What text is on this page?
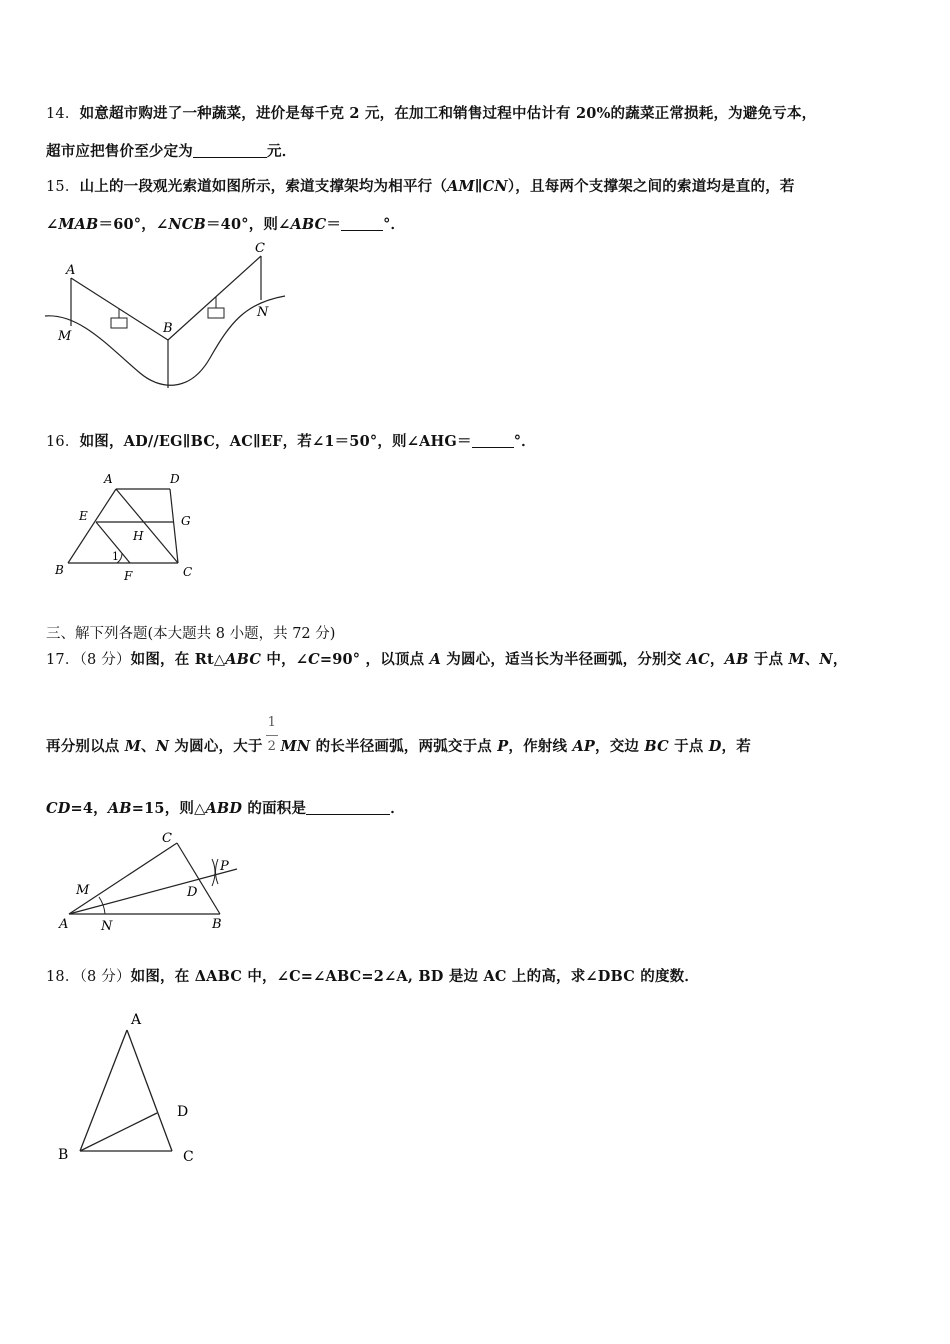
14．如意超市购进了一种蔬菜，进价是每千克 2 元，在加工和销售过程中估计有 20%的蔬菜正常损耗，为避免亏本，
超市应把售价至少定为	元．
15．山上的一段观光索道如图所示，索道支撑架均为相平行（AM∥CN），且每两个支撑架之间的索道均是直的，若
∠MAB＝60°，∠NCB＝40°，则∠ABC＝	°．
A
M
B
C
N
16．如图，AD//EG∥BC，AC∥EF，若∠1＝50°，则∠AHG＝	°．
A	D
E	G
H
1
B	F	C
三、解下列各题(本大题共 8 小题，共 72 分)
17．（8 分）如图，在 Rt△ABC 中，∠C=90° ，以顶点 A 为圆心，适当长为半径画弧，分别交 AC，AB 于点 M、N，
再分别以点 M、N 为圆心，大于 $\frac{1}{2}$ MN 的长半径画弧，两弧交于点 P，作射线 AP，交边 BC 于点 D，若
CD=4，AB=15，则△ABD 的面积是	．
C
M
P
D
A	N	B
18．（8 分）如图，在 ΔABC 中，∠C=∠ABC=2∠A, BD 是边 AC 上的高，求∠DBC 的度数．
A
D
B	C
